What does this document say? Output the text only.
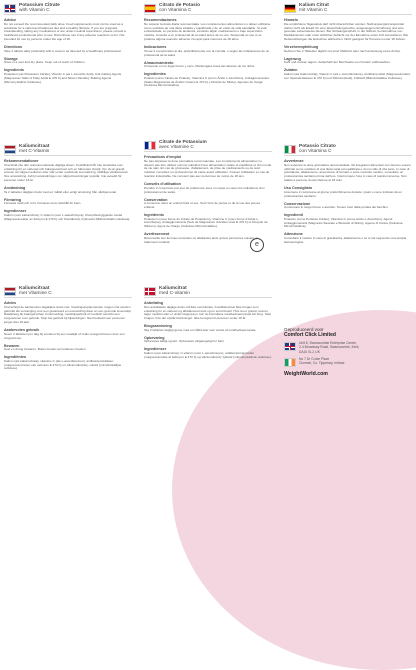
Potassium Citrate
with Vitamin C
Advice
Do not exceed the recommended daily dose. Food supplements must not be used as a substitute for a varied and balanced diet and a healthy lifestyle. If you are pregnant, breastfeeding, taking any medications or are under medical supervision, please consult a healthcare professional prior to use. Discontinue use if any adverse reactions occur. Not intended for use by persons under the age of 18.
Directions
Take 2 tablets daily preferably with a meal or as directed by a healthcare professional.
Storage
Store in a cool and dry place. Keep out of reach of children.
Ingredients
Potassium (as Potassium Citrate), Vitamin C (as L-Ascorbic Acid), Anti-Caking Agents (Magnesium Salts of Fatty Acids E 470 b) and Silicon Dioxide), Bulking Agents (Microcrystalline Cellulose).
Kaliumcitraat
met C-Vitamin
Rekommendationer
Overskrid inte den rekommenderade dagliga dosen. Kosttillskott får inte användas som ersättning för en varierad och balanserad kost och en hälsosam livsstil. Om du är gravid, ammar, tar några mediciner eller står under medicinsk övervakning, rådfråga vårdpersonal före användning. Avbryt användningen om några biverkningar uppstår. Inte avsedd för personer under 18 år.
Användning
Ta 2 tabletter dagligen helst med en måltid eller enligt anvisning från vårdpersonal.
Förvaring
Förvaras svalt och torrt. Förvaras utom räckhåll för barn.
Ingredienser
Kalium (som kaliumcitrat), C-vitamin (som L-askorbinsyra), Klumpförebyggande medel (Magnesiumsalter av fettsyror E 470 b) och Kiseldioxid), Fyllmedel (Mikrokristallin cellulosa).
Kaliumcitraat
met Vitamine C
Advies
Overschrijd de aanbevolen dagelijkse dosis niet. Voedingssupplementen mogen niet worden gebruikt als vervanging voor een gevarieerd en evenwichtig dieet en een gezonde levensstijl. Raadpleeg bij zwangerschap, borstvoeding, medicijngebruik of medisch toezicht een zorgverlener voor gebruik. Stop het gebruik bij bijwerkingen. Niet bedoeld voor personen jonger dan 18 jaar.
Aanbevolen gebruik
Neem 2 tabletten per dag bij voorkeur bij een maaltijd of zoals voorgeschreven door een zorgverlener.
Bewaren
Koel en droog bewaren. Buiten bereik van kinderen houden.
Ingrediënten
Kalium (als kaliumcitraat), vitamine C (als L-ascorbinezuur), antiklontermiddelen (magnesiumzouten van vetzuren E 470 b) en siliciumdioxide), vulstof (microkristallijne cellulose).
Citrato de Potasio
con Vitamina C
Recomendaciones
No superar la dosis diaria recomendada. Los complementos alimenticios no deben utilizarse como sustituto de una dieta variada y equilibrada y de un estilo de vida saludable. Si está embarazada, en período de lactancia, tomando algún medicamento o bajo supervisión médica, consulte a un profesional de la salud antes de su uso. Suspenda su uso si se produce alguna reacción adversa. No apto para menores de 18 años.
Indicaciones
Tomar 2 comprimidos al día, preferiblemente con la comida, o según las indicaciones de un profesional de la salud.
Almacenamiento
Conservar en un lugar fresco y seco. Manténgase fuera del alcance de los niños.
Ingredientes
Potasio (como Citrato de Potasio), Vitamina C (como Ácido L-Ascórbico), Antiaglomerantes (Sales Magnésicas de Ácidos Grasos E 470 b) y Dióxido de Silicio), Agentes de Carga (Celulosa Microcristalina).
Citrate de Potassium
avec Vitamine C
Précautions d'emploi
Ne pas dépasser la dose journalière recommandée. Les compléments alimentaires ne doivent pas être utilisés comme substitut d'une alimentation variée et équilibrée et d'un mode de vie sain. En cas de grossesse, d'allaitement, de prise de médicaments ou de suivi médical, consultez un professionnel de santé avant utilisation. Cessez l'utilisation en cas de réaction indésirable. Ne convient pas aux personnes de moins de 18 ans.
Conseils d'utilisation
Prendre 2 comprimés par jour de préférence avec un repas ou selon les indications d'un professionnel de santé.
Conservation
A conserver dans un endroit frais et sec. Tenir hors de portée et de la vue des jeunes enfants.
Ingrédients
Potassium (sous forme de Citrate de Potassium), Vitamine C (sous forme d'Acide L-Ascorbique), Antiagglomérants (Sels de Magnésium d'Acides Gras E 470 b) et Dioxyde de Silicium), Agent de charge (Cellulose Microcristalline).
Avertissement
Déconseillé aux femmes enceintes ou allaitantes ainsi qu'aux personnes suivant un traitement médical.
Kaliumcitrat
med C-vitamin
Anbefaling
Den anbefalede daglige dosis må ikke overskrides. Kosttilskud bør ikke bruges som erstatning for en varieret og afbalanceret kost og en sund livsstil. Hvis du er gravid, ammer, tager medicin eller er under lægeopsyn, bør du konsultere sundhedspersonale før brug. Stop brugen, hvis der opstår bivirkninger. Ikke beregnet til personer under 18 år.
Brugsanvisning
Tag 2 tabletter dagligt gerne med et måltid eller som anvist af sundhedspersonale.
Opbevaring
Opbevares køligt og tørt. Opbevares utilgængeligt for børn.
Ingredienser
Kalium (som kaliumcitrat), C-vitamin (som L-ascorbinsyre), antiklumpningsmidler (magnesiumsalte af fedtsyrer E 470 b) og siliciumdioxid), fyldstof (mikrokrystallinsk cellulose).
e
Kalium Citrat
mit Vitamin C
Hinweis
Die empfohlene Tagesdosis darf nicht überschritten werden. Nahrungsergänzungsmittel dürfen nicht als Ersatz für eine abwechslungsreiche, ausgewogene Ernährung und eine gesunde Lebensweise dienen. Bei Schwangerschaft, in der Stillzeit, bei Einnahme von Medikamenten oder unter ärztlicher Aufsicht vor der Einnahme einen Arzt konsultieren. Bei Nebenwirkungen die Einnahme abbrechen. Nicht geeignet für Personen unter 18 Jahren.
Verzehrempfehlung
Nehmen Sie 2 Tabletten täglich mit einer Mahlzeit oder nach Anweisung eines Arztes.
Lagerung
Kühl und trocken lagern. Außerhalb der Reichweite von Kindern aufbewahren.
Zutaten
Kalium (als Kaliumcitrat), Vitamin C (als L-Ascorbinsäure), Antiklumpmittel (Magnesiumsalze von Speisefettsäuren E 470 b) und Siliciumdioxid), Füllstoff (Mikrokristalline Cellulose).
Potassio Citrato
con Vitamina C
Avvertenze
Non superare la dose giornaliera raccomandata. Gli integratori alimentari non devono essere utilizzati come sostituto di una dieta varia ed equilibrata e di uno stile di vita sano. In caso di gravidanza, allattamento, assunzione di farmaci o sotto controllo medico, consultare un professionista sanitario prima dell'uso. Interrompere l'uso in caso di reazioni avverse. Non adatto a persone di età inferiore ai 18 anni.
Uso Consigliato
Assumere 2 compresse al giorno preferibilmente durante i pasti o come indicato da un professionista sanitario.
Conservazione
Conservare in luogo fresco e asciutto. Tenere fuori dalla portata dei bambini.
Ingredienti
Potassio (come Potassio Citrato), Vitamina C (come Acido L-Ascorbico), Agenti Antiagglomeranti (Magnesio Stearato e Biossido di Silicio), Agente di Carica (Cellulosa Microcristallina).
Attenzione
Consultare il medico in caso di gravidanza, allattamento o se si sta seguendo una terapia farmacologica.
Geproduceerd voor
Comfort Click Limited
Unit 8, Swanscombe Enterprise Centre,
2-4 Broadway Road, Swanscombe, Kent,
DA10 0LJ, UK
No 7 Dr Croke Place
Clonmel, Co. Tipperary, Ireland
WeightWorld.com
